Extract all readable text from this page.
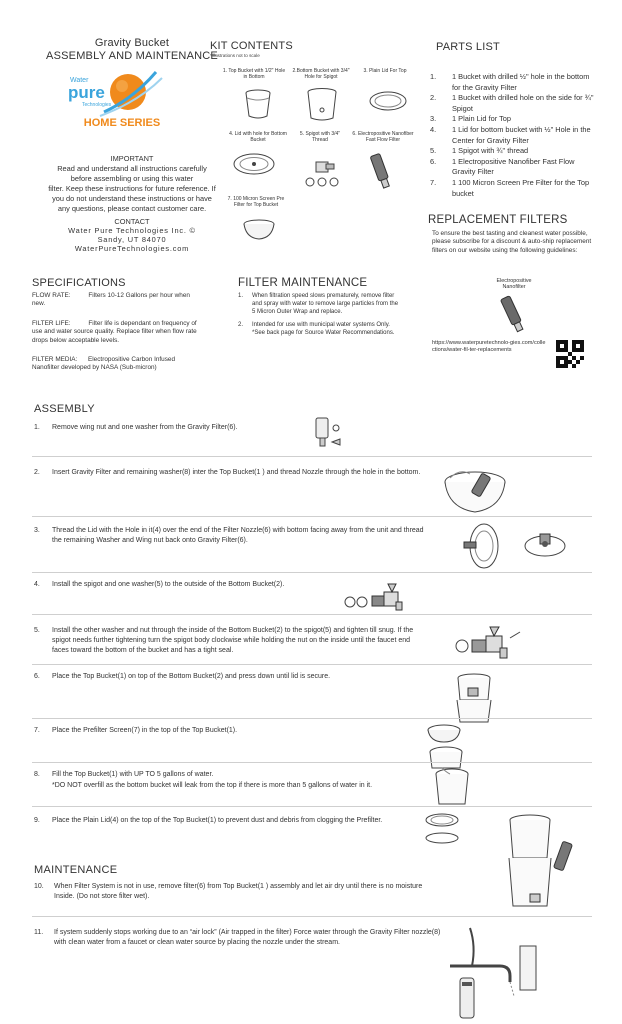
Gravity Bucket
ASSEMBLY AND MAINTENANCE
Water
pure
Technologies
HOME SERIES
IMPORTANT
Read and understand all instructions carefully
before assembling or using this water
filter. Keep these instructions for future reference. If
you do not understand these instructions or have
any questions, please contact customer care.
CONTACT
Water Pure Technologies Inc. ©
Sandy, UT 84070
WaterPureTechnologies.com
KIT CONTENTS
*Illustrations not to scale
1. Top Bucket with 1/2" Hole in Bottom
2.Bottom Bucket with 3/4" Hole for Spigot
3. Plain Lid For Top
4. Lid with hole for Bottom Bucket
5. Spigot with 3/4" Thread
6. Electropositive Nanofiber Fast Flow Filter
7. 100 Micron Screen Pre Filter for Top Bucket
PARTS LIST
1. 1 Bucket with drilled ½" hole in the bottom for the Gravity Filter
2. 1 Bucket with drilled hole on the side for ¾" Spigot
3. 1 Plain Lid for Top
4. 1 Lid for bottom bucket with ½" Hole in the Center for Gravity Filter
5. 1 Spigot with ¾" thread
6. 1 Electropositive Nanofiber Fast Flow Gravity Filter
7. 1 100 Micron Screen Pre Filter for the Top bucket
REPLACEMENT FILTERS
To ensure the best tasting and cleanest water possible, please subscribe for a discount & auto-ship replacement filters on our website using the following guidelines:
Electropositive Nanofilter
https://www.waterpuretechnolo-gies.com/collections/water-fil-ter-replacements
SPECIFICATIONS
FLOW RATE:	Filters 10-12 Gallons per hour when new.
FILTER LIFE:	Filter life is dependant on frequency of use and water source quality. Replace filter when flow rate drops below acceptable levels.
FILTER MEDIA: Electropositive Carbon Infused Nanofilter developed by NASA (Sub-micron)
FILTER MAINTENANCE
1. When filtration speed slows prematurely, remove filter and spray with water to remove large particles from the 5 Micron Outer Wrap and replace.
2. Intended for use with municipal water systems Only. *See back page for Source Water Recommendations.
ASSEMBLY
1.	Remove wing nut and one washer from the Gravity Filter(6).
2.	Insert Gravity Filter and remaining washer(8) inter the Top Bucket(1 ) and thread Nozzle through the hole in the bottom.
3.	Thread the Lid with the Hole in it(4) over the end of the Filter Nozzle(6) with bottom facing away from the unit and thread the remaining Washer and Wing nut back onto Gravity Filter(6).
4.	Install the spigot and one washer(5) to the outside of the Bottom Bucket(2).
5.	Install the other washer and nut through the inside of the Bottom Bucket(2) to the spigot(5) and tighten till snug. If the spigot needs further tightening turn the spigot body clockwise while holding the nut on the inside until the faucet end faces toward the bottom of the bucket and has a tight seal.
6.	Place the Top Bucket(1) on top of the Bottom Bucket(2) and press down until lid is secure.
7.	Place the Prefilter Screen(7) in the top of the Top Bucket(1).
8.	Fill the Top Bucket(1) with UP TO 5 gallons of water.
*DO NOT overfill as the bottom bucket will leak from the top if there is more than 5 gallons of water in it.
9.	Place the Plain Lid(4) on the top of the Top Bucket(1) to prevent dust and debris from clogging the Prefilter.
MAINTENANCE
10.	When Filter System is not in use, remove filter(6) from Top Bucket(1 ) assembly and let air dry until there is no moisture Inside. (Do not store filter wet).
11.	If system suddenly stops working due to an “air lock” (Air trapped in the filter) Force water through the Gravity Filter nozzle(8) with clean water from a faucet or clean water source by placing the nozzle under the stream.
